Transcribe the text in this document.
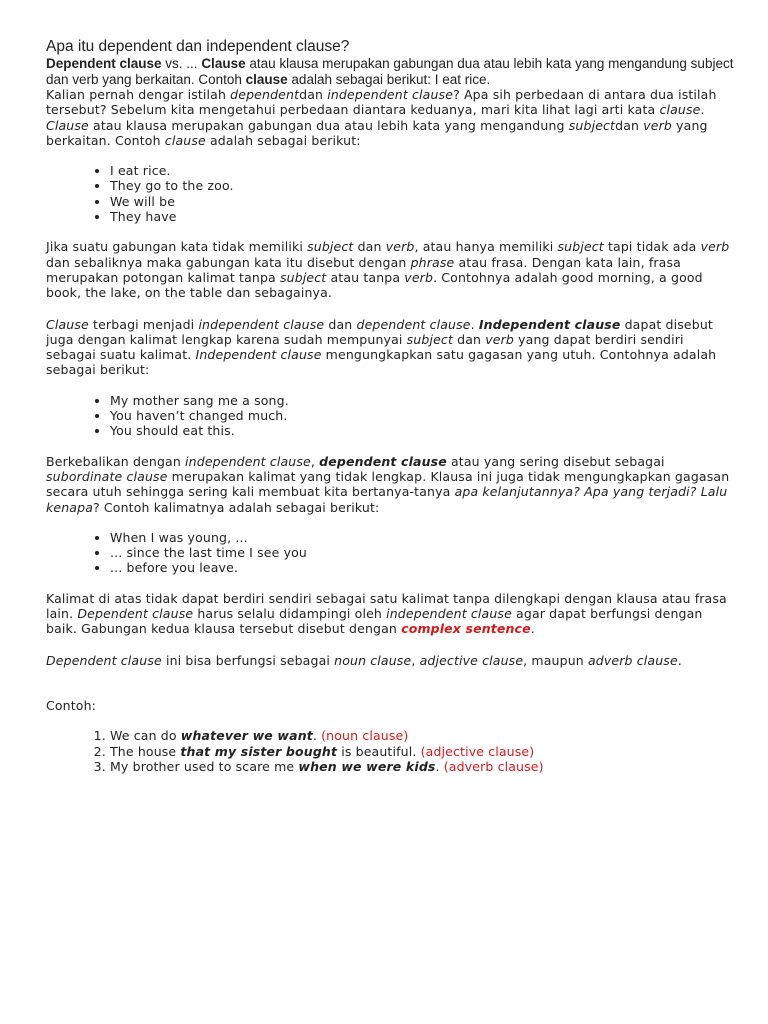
Apa itu dependent dan independent clause?

Dependent clause vs. ... Clause atau klausa merupakan gabungan dua atau lebih kata yang mengandung subject dan verb yang berkaitan. Contoh clause adalah sebagai berikut: I eat rice.

Kalian pernah dengar istilah dependentdan independent clause? Apa sih perbedaan di antara dua istilah tersebut? Sebelum kita mengetahui perbedaan diantara keduanya, mari kita lihat lagi arti kata clause. Clause atau klausa merupakan gabungan dua atau lebih kata yang mengandung subjectdan verb yang berkaitan. Contoh clause adalah sebagai berikut:

• I eat rice.
• They go to the zoo.
• We will be
• They have

Jika suatu gabungan kata tidak memiliki subject dan verb, atau hanya memiliki subject tapi tidak ada verb dan sebaliknya maka gabungan kata itu disebut dengan phrase atau frasa. Dengan kata lain, frasa merupakan potongan kalimat tanpa subject atau tanpa verb. Contohnya adalah good morning, a good book, the lake, on the table dan sebagainya.

Clause terbagi menjadi independent clause dan dependent clause. Independent clause dapat disebut juga dengan kalimat lengkap karena sudah mempunyai subject dan verb yang dapat berdiri sendiri sebagai suatu kalimat. Independent clause mengungkapkan satu gagasan yang utuh. Contohnya adalah sebagai berikut:

• My mother sang me a song.
• You haven’t changed much.
• You should eat this.

Berkebalikan dengan independent clause, dependent clause atau yang sering disebut sebagai subordinate clause merupakan kalimat yang tidak lengkap. Klausa ini juga tidak mengungkapkan gagasan secara utuh sehingga sering kali membuat kita bertanya-tanya apa kelanjutannya? Apa yang terjadi? Lalu kenapa? Contoh kalimatnya adalah sebagai berikut:

• When I was young, ...
• ... since the last time I see you
• ... before you leave.

Kalimat di atas tidak dapat berdiri sendiri sebagai satu kalimat tanpa dilengkapi dengan klausa atau frasa lain. Dependent clause harus selalu didampingi oleh independent clause agar dapat berfungsi dengan baik. Gabungan kedua klausa tersebut disebut dengan complex sentence.

Dependent clause ini bisa berfungsi sebagai noun clause, adjective clause, maupun adverb clause.

Contoh:

1. We can do whatever we want. (noun clause)
2. The house that my sister bought is beautiful. (adjective clause)
3. My brother used to scare me when we were kids. (adverb clause)
